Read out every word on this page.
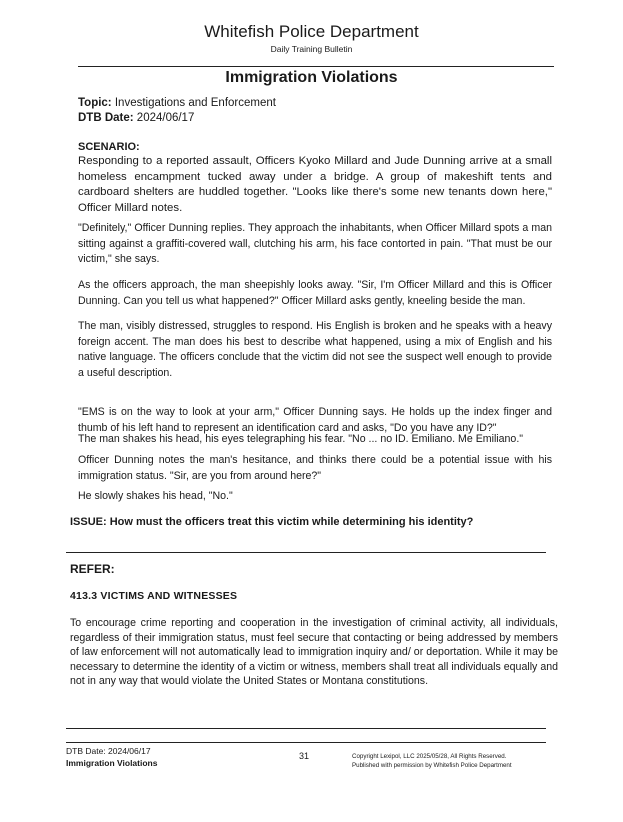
Whitefish Police Department
Daily Training Bulletin
Immigration Violations
Topic: Investigations and Enforcement
DTB Date: 2024/06/17
SCENARIO:

Responding to a reported assault, Officers Kyoko Millard and Jude Dunning arrive at a small homeless encampment tucked away under a bridge. A group of makeshift tents and cardboard shelters are huddled together. "Looks like there's some new tenants down here," Officer Millard notes.

"Definitely," Officer Dunning replies. They approach the inhabitants, when Officer Millard spots a man sitting against a graffiti-covered wall, clutching his arm, his face contorted in pain. "That must be our victim," she says.

As the officers approach, the man sheepishly looks away. "Sir, I'm Officer Millard and this is Officer Dunning. Can you tell us what happened?" Officer Millard asks gently, kneeling beside the man.

The man, visibly distressed, struggles to respond. His English is broken and he speaks with a heavy foreign accent. The man does his best to describe what happened, using a mix of English and his native language. The officers conclude that the victim did not see the suspect well enough to provide a useful description.

"EMS is on the way to look at your arm," Officer Dunning says. He holds up the index finger and thumb of his left hand to represent an identification card and asks, "Do you have any ID?"

The man shakes his head, his eyes telegraphing his fear. "No ... no ID. Emiliano. Me Emiliano."

Officer Dunning notes the man's hesitance, and thinks there could be a potential issue with his immigration status. "Sir, are you from around here?"

He slowly shakes his head, "No."

ISSUE: How must the officers treat this victim while determining his identity?
REFER:
413.3 VICTIMS AND WITNESSES

To encourage crime reporting and cooperation in the investigation of criminal activity, all individuals, regardless of their immigration status, must feel secure that contacting or being addressed by members of law enforcement will not automatically lead to immigration inquiry and/ or deportation. While it may be necessary to determine the identity of a victim or witness, members shall treat all individuals equally and not in any way that would violate the United States or Montana constitutions.

DTB Date: 2024/06/17
Immigration Violations
31	Copyright Lexipol, LLC 2025/05/28, All Rights Reserved.
Published with permission by Whitefish Police Department
